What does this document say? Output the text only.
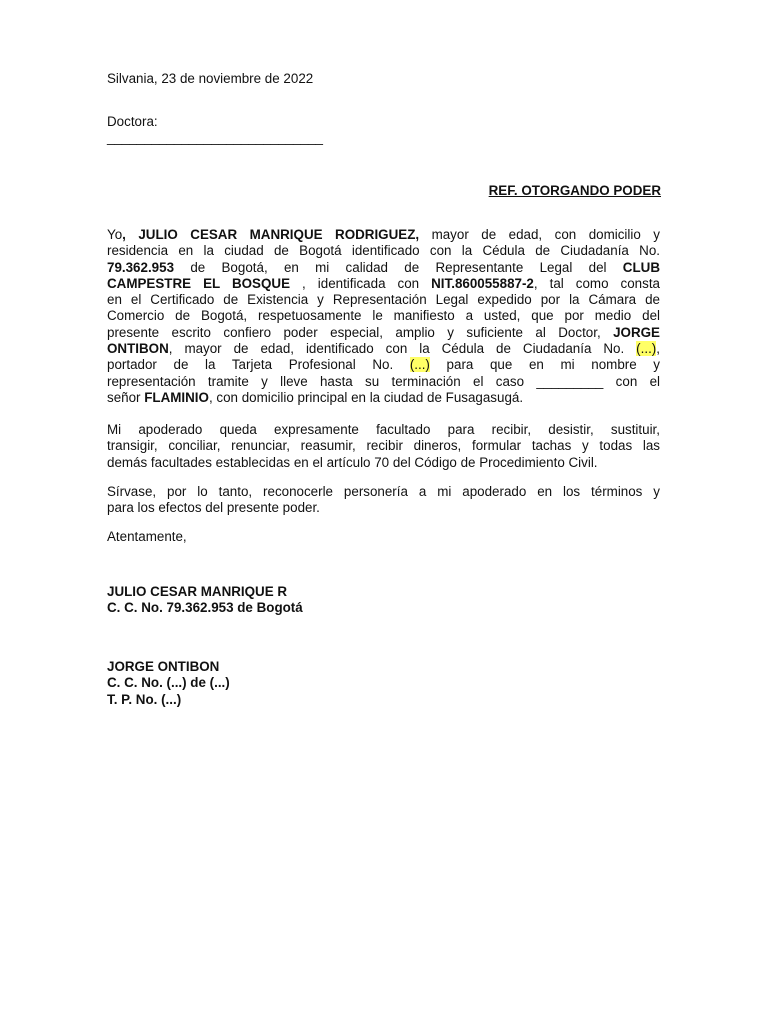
Silvania, 23 de noviembre de 2022

Doctora:

_____________________________

REF. OTORGANDO PODER
Yo, JULIO CESAR MANRIQUE RODRIGUEZ, mayor de edad, con domicilio y
residencia en la ciudad de Bogotá identificado con la Cédula de Ciudadanía No.
79.362.953 de Bogotá, en mi calidad de Representante Legal del CLUB
CAMPESTRE EL BOSQUE , identificada con NIT.860055887-2, tal como consta
en el Certificado de Existencia y Representación Legal expedido por la Cámara de
Comercio de Bogotá, respetuosamente le manifiesto a usted, que por medio del
presente escrito confiero poder especial, amplio y suficiente al Doctor, JORGE
ONTIBON, mayor de edad, identificado con la Cédula de Ciudadanía No. (...),
portador de la Tarjeta Profesional No. (...) para que en mi nombre y
representación tramite y lleve hasta su terminación el caso _________ con el
señor FLAMINIO, con domicilio principal en la ciudad de Fusagasugá.
Mi apoderado queda expresamente facultado para recibir, desistir, sustituir,
transigir, conciliar, renunciar, reasumir, recibir dineros, formular tachas y todas las
demás facultades establecidas en el artículo 70 del Código de Procedimiento Civil.
Sírvase, por lo tanto, reconocerle personería a mi apoderado en los términos y
para los efectos del presente poder.

Atentamente,

JULIO CESAR MANRIQUE R
C. C. No. 79.362.953 de Bogotá
JORGE ONTIBON
C. C. No. (...) de (...)
T. P. No. (...)
